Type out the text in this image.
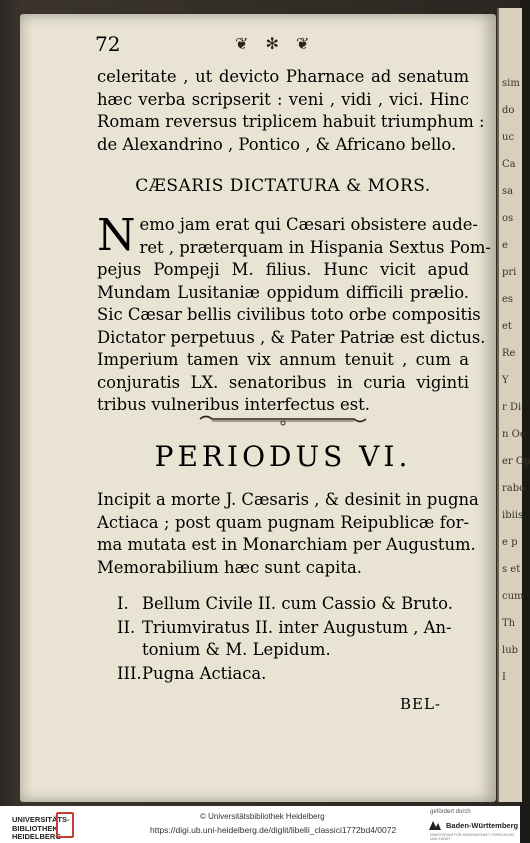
sim
do
uc
Ca
sa
os
e
pri
es
et
Re
Y
r Di
n Oc
er Op
rabo
ibiis
e p
s et
cum
Th
lub
I
72	❦ ✻ ❦
celeritate , ut devicto Pharnace ad senatum
hæc verba scripserit : veni , vidi , vici. Hinc
Romam reversus triplicem habuit triumphum :
de Alexandrino , Pontico , & Africano bello.
CÆSARIS DICTATURA & MORS.
N emo jam erat qui Cæsari obsistere aude-
ret , præterquam in Hispania Sextus Pom-
pejus Pompeji M. filius. Hunc vicit apud
Mundam Lusitaniæ oppidum difficili prælio.
Sic Cæsar bellis civilibus toto orbe compositis
Dictator perpetuus , & Pater Patriæ est dictus.
Imperium tamen vix annum tenuit , cum a
conjuratis LX. senatoribus in curia viginti
tribus vulneribus interfectus est.
PERIODUS VI.
Incipit a morte J. Cæsaris , & desinit in pugna
Actiaca ; post quam pugnam Reipublicæ for-
ma mutata est in Monarchiam per Augustum.
Memorabilium hæc sunt capita.
I. Bellum Civile II. cum Cassio & Bruto.
II. Triumviratus II. inter Augustum , An-
tonium & M. Lepidum.
III.Pugna Actiaca.
BEL-
UNIVERSITÄTS-
BIBLIOTHEK
HEIDELBERG
© Universitätsbibliothek Heidelberg
https://digi.ub.uni-heidelberg.de/diglit/libelli_classici1772bd4/0072
gefördert durch
Baden-Württemberg
MINISTERIUM FÜR WISSENSCHAFT, FORSCHUNG UND KUNST
